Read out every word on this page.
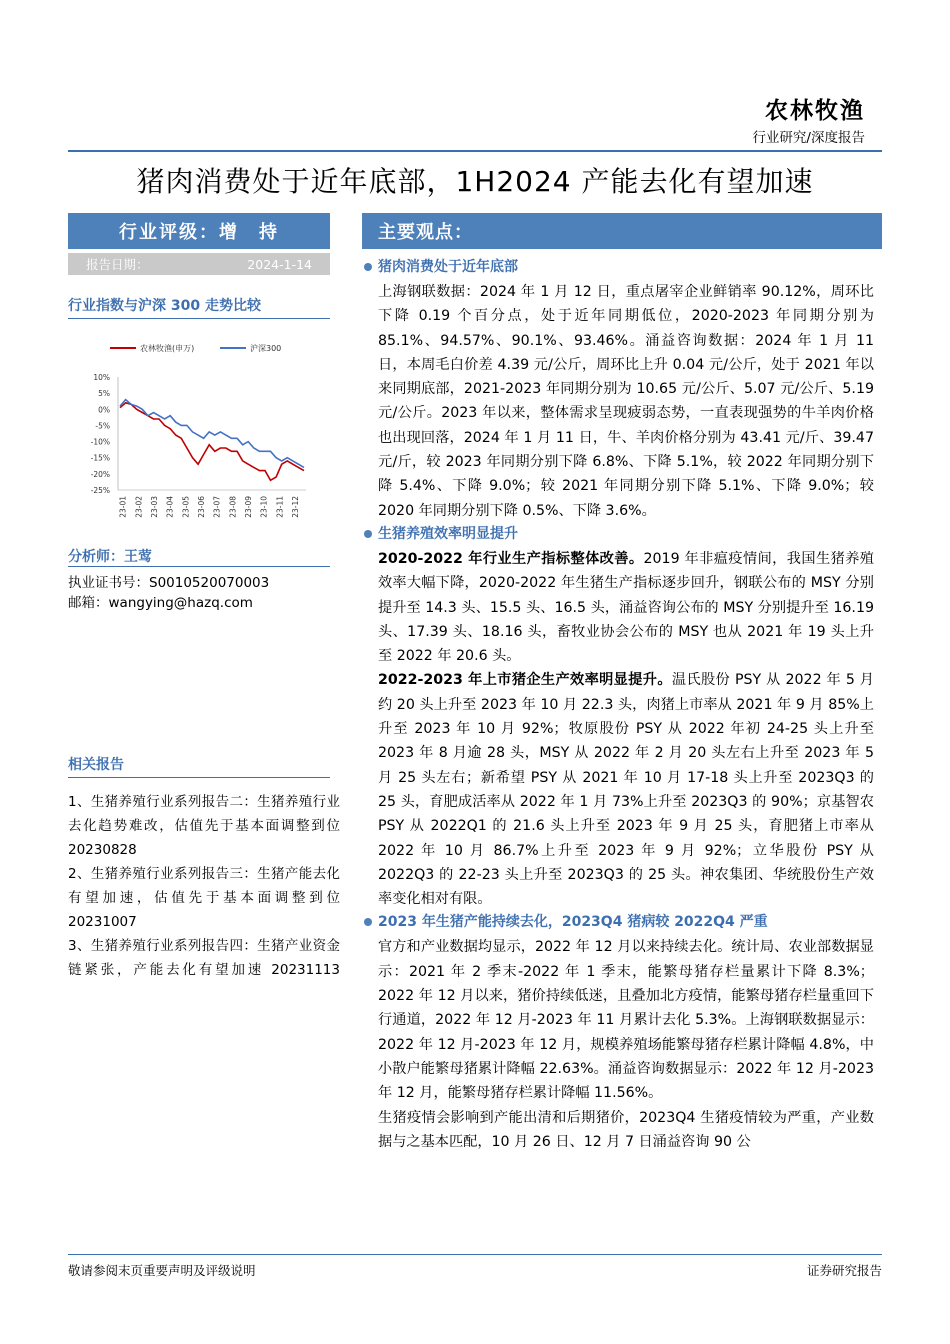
农林牧渔
行业研究/深度报告
猪肉消费处于近年底部，1H2024 产能去化有望加速
行业评级：增　持
报告日期：	2024-1-14
行业指数与沪深 300 走势比较
农林牧渔(申万)	沪深300
10%
5%
0%
-5%
-10%
-15%
-20%
-25%
23-01 23-02 23-03 23-04 23-05 23-06 23-07 23-08 23-09 23-10 23-11 23-12
分析师：王莺
执业证书号：S0010520070003
邮箱：wangying@hazq.com
相关报告

1、生猪养殖行业系列报告二：生猪养殖行业去化趋势难改，估值先于基本面调整到位 20230828

2、生猪养殖行业系列报告三：生猪产能去化有望加速，估值先于基本面调整到位 20231007

3、生猪养殖行业系列报告四：生猪产业资金链紧张，产能去化有望加速 20231113

主要观点：
猪肉消费处于近年底部

上海钢联数据：2024 年 1 月 12 日，重点屠宰企业鲜销率 90.12%，周环比下降 0.19 个百分点，处于近年同期低位，2020-2023 年同期分别为 85.1%、94.57%、90.1%、93.46%。涌益咨询数据：2024 年 1 月 11 日，本周毛白价差 4.39 元/公斤，周环比上升 0.04 元/公斤，处于 2021 年以来同期底部，2021-2023 年同期分别为 10.65 元/公斤、5.07 元/公斤、5.19 元/公斤。2023 年以来，整体需求呈现疲弱态势，一直表现强势的牛羊肉价格也出现回落，2024 年 1 月 11 日，牛、羊肉价格分别为 43.41 元/斤、39.47 元/斤，较 2023 年同期分别下降 6.8%、下降 5.1%，较 2022 年同期分别下降 5.4%、下降 9.0%；较 2021 年同期分别下降 5.1%、下降 9.0%；较 2020 年同期分别下降 0.5%、下降 3.6%。

生猪养殖效率明显提升

2020-2022 年行业生产指标整体改善。2019 年非瘟疫情间，我国生猪养殖效率大幅下降，2020-2022 年生猪生产指标逐步回升，钢联公布的 MSY 分别提升至 14.3 头、15.5 头、16.5 头，涌益咨询公布的 MSY 分别提升至 16.19 头、17.39 头、18.16 头，畜牧业协会公布的 MSY 也从 2021 年 19 头上升至 2022 年 20.6 头。

2022-2023 年上市猪企生产效率明显提升。温氏股份 PSY 从 2022 年 5 月约 20 头上升至 2023 年 10 月 22.3 头，肉猪上市率从 2021 年 9 月 85%上升至 2023 年 10 月 92%；牧原股份 PSY 从 2022 年初 24-25 头上升至 2023 年 8 月逾 28 头，MSY 从 2022 年 2 月 20 头左右上升至 2023 年 5 月 25 头左右；新希望 PSY 从 2021 年 10 月 17-18 头上升至 2023Q3 的 25 头，育肥成活率从 2022 年 1 月 73%上升至 2023Q3 的 90%；京基智农 PSY 从 2022Q1 的 21.6 头上升至 2023 年 9 月 25 头，育肥猪上市率从 2022 年 10 月 86.7%上升至 2023 年 9 月 92%；立华股份 PSY 从 2022Q3 的 22-23 头上升至 2023Q3 的 25 头。神农集团、华统股份生产效率变化相对有限。

2023 年生猪产能持续去化，2023Q4 猪病较 2022Q4 严重

官方和产业数据均显示，2022 年 12 月以来持续去化。统计局、农业部数据显示：2021 年 2 季末-2022 年 1 季末，能繁母猪存栏量累计下降 8.3%；2022 年 12 月以来，猪价持续低迷，且叠加北方疫情，能繁母猪存栏量重回下行通道，2022 年 12 月-2023 年 11 月累计去化 5.3%。上海钢联数据显示：2022 年 12 月-2023 年 12 月，规模养殖场能繁母猪存栏累计降幅 4.8%，中小散户能繁母猪累计降幅 22.63%。涌益咨询数据显示：2022 年 12 月-2023 年 12 月，能繁母猪存栏累计降幅 11.56%。

生猪疫情会影响到产能出清和后期猪价，2023Q4 生猪疫情较为严重，产业数据与之基本匹配，10 月 26 日、12 月 7 日涌益咨询 90 公

敬请参阅末页重要声明及评级说明	证券研究报告
